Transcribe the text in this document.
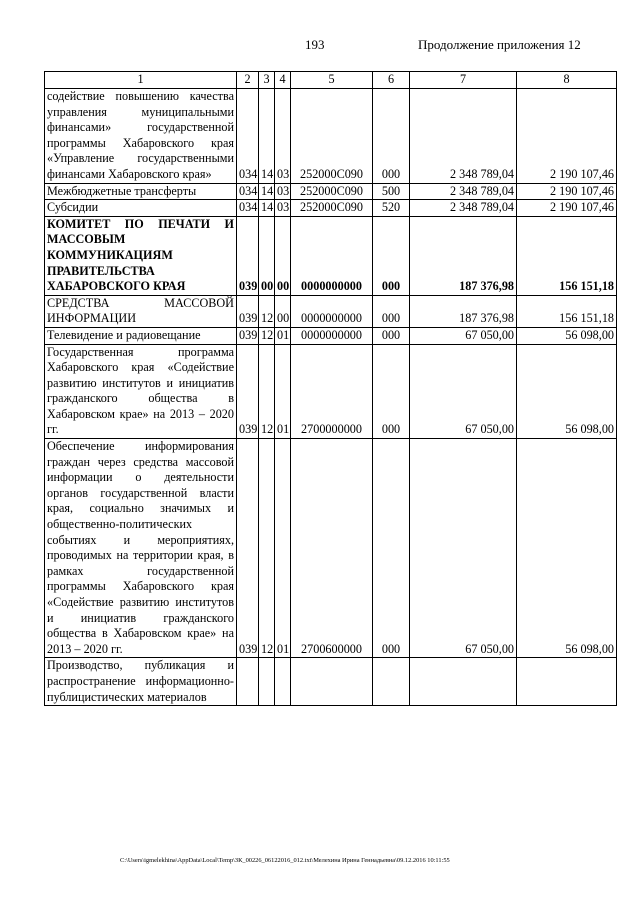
193	Продолжение приложения 12
1	2	3	4	5	6	7	8
содействие повышению качества управления муниципальными финансами» государственной программы Хабаровского края «Управление государственными финансами Хабаровского края»	034	14	03	252000С090	000	2 348 789,04	2 190 107,46
Межбюджетные трансферты	034	14	03	252000С090	500	2 348 789,04	2 190 107,46
Субсидии	034	14	03	252000С090	520	2 348 789,04	2 190 107,46
КОМИТЕТ ПО ПЕЧАТИ И МАССОВЫМ КОММУНИКАЦИЯМ ПРАВИТЕЛЬСТВА ХАБАРОВСКОГО КРАЯ	039	00	00	0000000000	000	187 376,98	156 151,18
СРЕДСТВА МАССОВОЙ ИНФОРМАЦИИ	039	12	00	0000000000	000	187 376,98	156 151,18
Телевидение и радиовещание	039	12	01	0000000000	000	67 050,00	56 098,00
Государственная программа Хабаровского края «Содействие развитию институтов и инициатив гражданского общества в Хабаровском крае» на 2013 – 2020 гг.	039	12	01	2700000000	000	67 050,00	56 098,00
Обеспечение информирования граждан через средства массовой информации о деятельности органов государственной власти края, социально значимых и общественно-политических событиях и мероприятиях, проводимых на территории края, в рамках государственной программы Хабаровского края «Содействие развитию институтов и инициатив гражданского общества в Хабаровском крае» на 2013 – 2020 гг.	039	12	01	2700600000	000	67 050,00	56 098,00
Производство, публикация и распространение информационно-публицистических материалов							
C:\Users\igmelekhina\AppData\Local\Temp\ЗК_00226_06122016_012.txt\Мелехина Ирина Геннадьевна\09.12.2016 10:11:55
